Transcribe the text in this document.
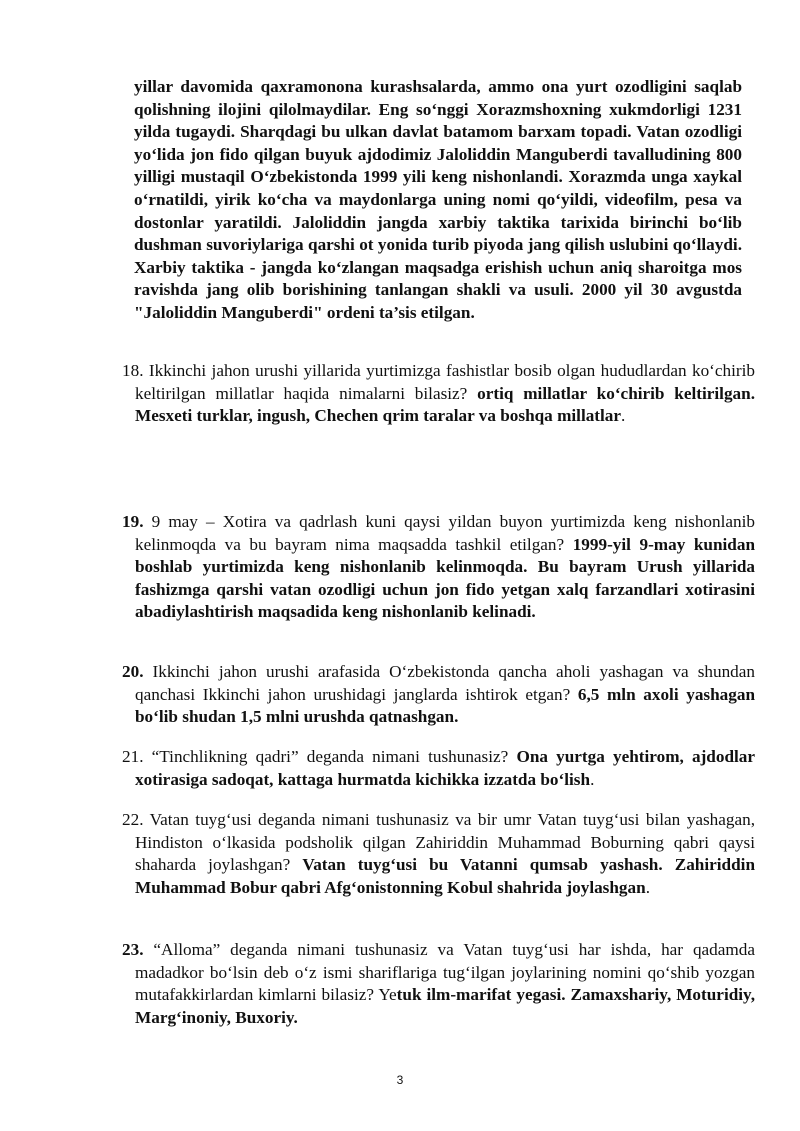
yillar davomida qaxramonona kurashsalarda, ammo ona yurt ozodligini saqlab qolishning ilojini qilolmaydilar. Eng so‘nggi Xorazmshoxning xukmdorligi 1231 yilda tugaydi. Sharqdagi bu ulkan davlat batamom barxam topadi. Vatan ozodligi yo‘lida jon fido qilgan buyuk ajdodimiz Jaloliddin Manguberdi tavalludining 800 yilligi mustaqil O‘zbekistonda 1999 yili keng nishonlandi. Xorazmda unga xaykal o‘rnatildi, yirik ko‘cha va maydonlarga uning nomi qo‘yildi, videofilm, pesa va dostonlar yaratildi. Jaloliddin jangda xarbiy taktika tarixida birinchi bo‘lib dushman suvoriylariga qarshi ot yonida turib piyoda jang qilish uslubini qo‘llaydi. Xarbiy taktika - jangda ko‘zlangan maqsadga erishish uchun aniq sharoitga mos ravishda jang olib borishining tanlangan shakli va usuli. 2000 yil 30 avgustda "Jaloliddin Manguberdi" ordeni ta’sis etilgan.

18. Ikkinchi jahon urushi yillarida yurtimizga fashistlar bosib olgan hududlardan ko‘chirib keltirilgan millatlar haqida nimalarni bilasiz? ortiq millatlar ko‘chirib keltirilgan. Mesxeti turklar, ingush, Chechen qrim taralar va boshqa millatlar.

19. 9 may – Xotira va qadrlash kuni qaysi yildan buyon yurtimizda keng nishonlanib kelinmoqda va bu bayram nima maqsadda tashkil etilgan? 1999-yil 9-may kunidan boshlab yurtimizda keng nishonlanib kelinmoqda. Bu bayram Urush yillarida fashizmga qarshi vatan ozodligi uchun jon fido yetgan xalq farzandlari xotirasini abadiylashtirish maqsadida keng nishonlanib kelinadi.

20. Ikkinchi jahon urushi arafasida O‘zbekistonda qancha aholi yashagan va shundan qanchasi Ikkinchi jahon urushidagi janglarda ishtirok etgan? 6,5 mln axoli yashagan bo‘lib shudan 1,5 mlni urushda qatnashgan.

21. “Tinchlikning qadri” deganda nimani tushunasiz? Ona yurtga yehtirom, ajdodlar xotirasiga sadoqat, kattaga hurmatda kichikka izzatda bo‘lish.

22. Vatan tuyg‘usi deganda nimani tushunasiz va bir umr Vatan tuyg‘usi bilan yashagan, Hindiston o‘lkasida podsholik qilgan Zahiriddin Muhammad Boburning qabri qaysi shaharda joylashgan? Vatan tuyg‘usi bu Vatanni qumsab yashash. Zahiriddin Muhammad Bobur qabri Afg‘onistonning Kobul shahrida joylashgan.

23. “Alloma” deganda nimani tushunasiz va Vatan tuyg‘usi har ishda, har qadamda madadkor bo‘lsin deb o‘z ismi shariflariga tug‘ilgan joylarining nomini qo‘shib yozgan mutafakkirlardan kimlarni bilasiz? Yetuk ilm-marifat yegasi. Zamaxshariy, Moturidiy, Marg‘inoniy, Buxoriy.

3
